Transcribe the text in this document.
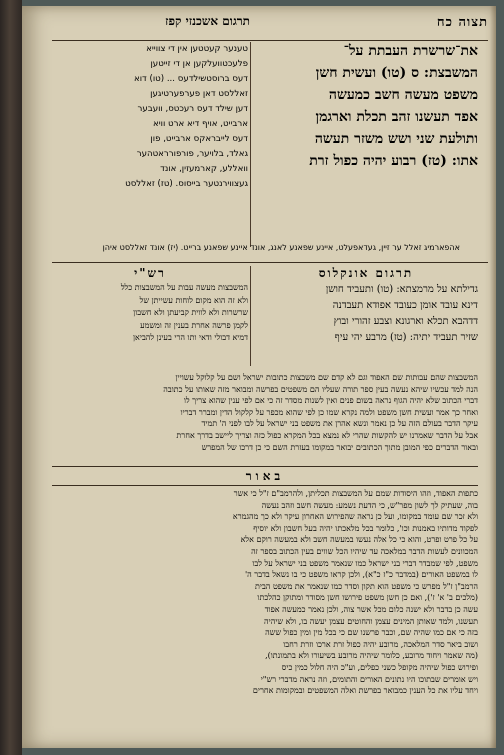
תרגום אשכנזי קפז	תצוה כח
טענער קעטטען אין די צווייא
פלעכטוועלקען אן די זייטען
דעס ברוסטשילדעס ... (טו) דוא
זאללסט דאן פערפערטיגען
דען שילד דעס רעכטס, וועבער
ארבייט, אויף דיא ארט וויא
דעס לייבראקס ארבייט, פון
גאלד, בלויער, פורפורראטהער
וואללע, קארמעזין, אונד
געצווירנטער בייסוס. (טז) זאללסט
את־שרשרת העבתת על־
המשבצת: ס (טו) ועשית חשן
משפט מעשה חשב כמעשה
אפד תעשנו זהב תכלת וארגמן
ותולעת שני ושש משזר תעשה
אתו: (טז) רבוע יהיה כפול זרת
אהפארמיג זאלל ער זיין, געדאפעלט, איינע שפאנע לאנג, אונד איינע שפאנע ברייט. (יז) אונד זאללסט איהן
תרגום אונקלוס
רש"י
גדילתא על מרמצתא: (טו) ותעביד חושן
דינא עובד אומן כעובד אפודא תעבדנה
דדהבא תכלא וארגונא וצבע זהורי ובוץ
שזיר תעביד יתיה: (טז) מרבע יהי עיף
המשבצות מעשה עבות על המשבצות כלל
ולא זה הוא מקום לוחות עשייתן של
שרשרות ולא לווית קביעתן ולא חשבון
לקמן פרשה אחרת בענין זה ומשמע
דמיא דבולי ודאי ותו הרי בעינן להביאן
המשבצות שהם עבותות שם האפוד וגם לא קדם שם משבצות כתובות ישראל ושם על קלוקל עשויין
הנה למד עכשיו שיהא נעשה בעין ספר תורה שעליו הם משפטים בפרשה ומבואר מזה שאותו על כתובה
דברי הכתוב שלא יהיה הגוף נראה בשום פנים ואין לשנות מסדר זה כי אם לפי ענין שהוא צריך לו
ואחר כך אמר ועשית חשן משפט ולמה נקרא שמו כן לפי שהוא מכפר על קלקול הדין ומברר דבריו
עיקר הדבר בעולם הזה על כן נאמר ונשא אהרן את משפט בני ישראל על לבו לפני ה' תמיד
אבל על הדבר שאמרנו יש להקשות שהרי לא נמצא בכל המקרא כפול כזה וצריך ליישב בדרך אחרת
ובאור הדברים כפי המובן מתוך הכתובים יבואר במקומו בעזרת השם כי כן דרכו של המפרש
באור
כתפות האפוד, וזהו היסודות שמם על המשבצות תכליתן, ולהרמב"ם ז"ל כי אשר
בוה, שעתיק לך לשון מפר"ש, כי הדעת נשמע: מעשה חשב וזהב נעשה
ולא זכר שם עומד במקומו, ועל כן נראה שהפירוש האחרון עיקר ולא כך מהגמרא
לפקוד מדותיו באמנות וכו', כלומר בכל מלאכתו יהיה בעל חשבון ולא יוסיף
על כל פרט ופרט, והוא כי כל אלה נעשו במעשה חשב ולא במעשה רוקם אלא
המכוונים לעשות הדבר במלאכה עד שיהיו הכל שווים בעין הכתוב בספר זה
משפט, לפי שמבדר דברי בני ישראל כמו שנאמר משפט בני ישראל על לבו
לו במשפט האורים (במדבר כ"ז כ"א), ולכן קראו משפט כי בו נשאל בדבר ה'
הרמב"ן ז"ל מפרש כי משפט הוא תקון וסדר כמו שנאמר את משפט הבית
(מלכים ב' א' ז'), ואם כן חשן משפט פירושו חשן מסודר ומתוקן כהלכתו
עשה כן בדבר ולא ישנה כלום מכל אשר צוה, ולכן נאמר כמעשה אפוד
תעשנו, ולמד שאותן המינים עצמן והחוטים עצמן יעשה בו, ולא שיהיה
בזה כי אם כמו שהיה שם, וכבר פרשנו שם כי בכל מין ומין כפול ששה
ושוב ביאר סדר המלאכה, מרובע יהיה כפול זרת ארכו וזרת רחבו
(מה שאמר ויחוד מרובע, כלומר שיהיה מרובע בשיעורו ולא בתמונתו),
ופירוש כפול שיהיה מקופל כשני כפלים, וע"כ היה חלול כמין כיס
ויש אומרים שבתוכו היו נתונים האורים והתומים, וזה נראה מדברי רש"י
ויחד עליו את כל הענין כמבואר בפרשת ואלה המשפטים ובמקומות אחרים
